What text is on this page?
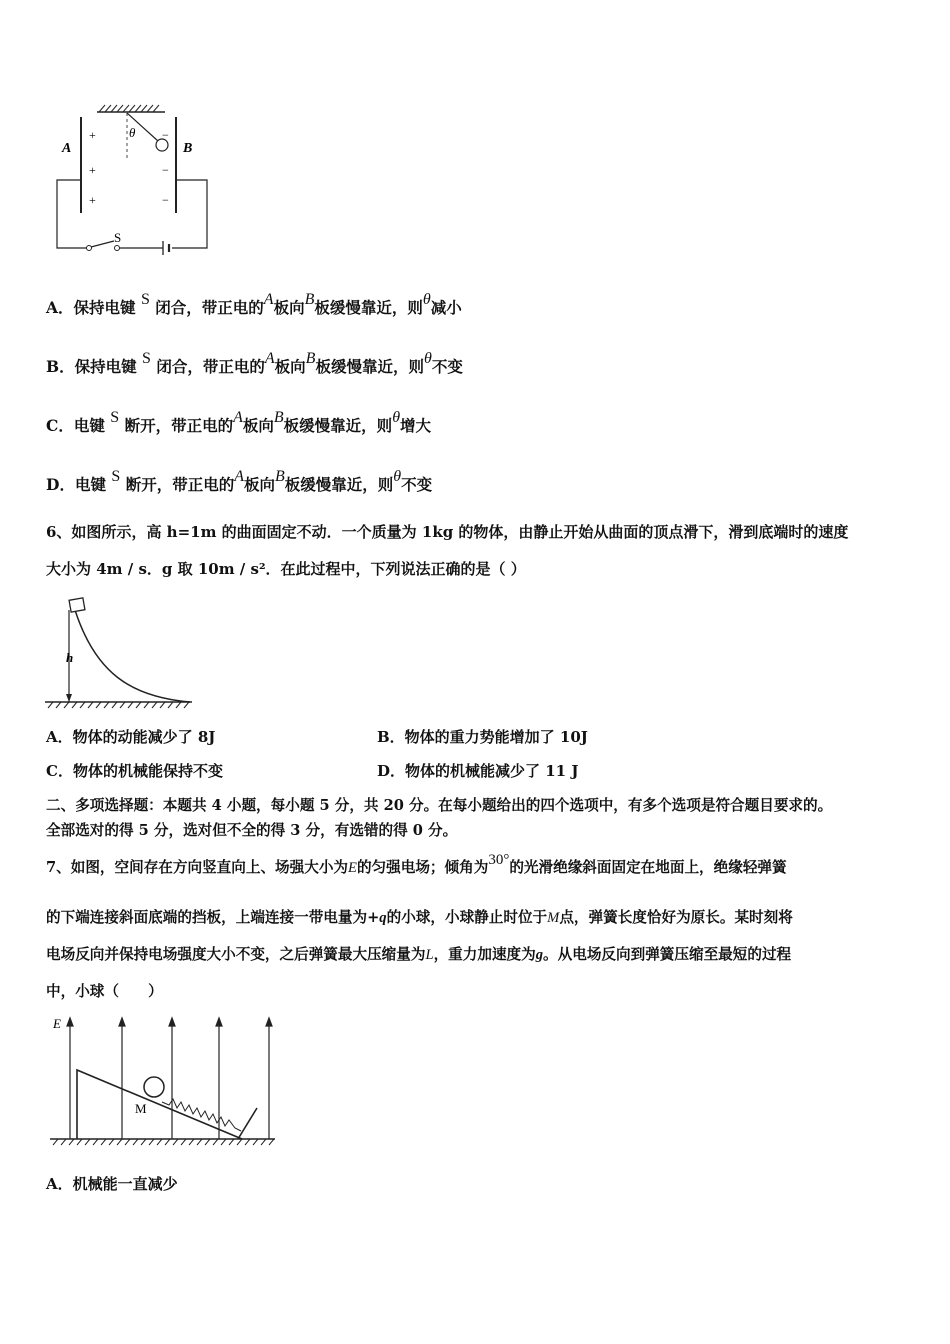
θ
A	B
+
+
+
−
−
−
S
A．保持电键 S 闭合，带正电的A板向B板缓慢靠近，则θ减小
B．保持电键 S 闭合，带正电的A板向B板缓慢靠近，则θ不变
C．电键 S 断开，带正电的A板向B板缓慢靠近，则θ增大
D．电键 S 断开，带正电的A板向B板缓慢靠近，则θ不变
6、如图所示，高 h=1m 的曲面固定不动．一个质量为 1kg 的物体，由静止开始从曲面的顶点滑下，滑到底端时的速度
大小为 4m / s．g 取 10m / s²．在此过程中，下列说法正确的是（ ）
h
A．物体的动能减少了 8J	B．物体的重力势能增加了 10J
C．物体的机械能保持不变	D．物体的机械能减少了 11 J
二、多项选择题：本题共 4 小题，每小题 5 分，共 20 分。在每小题给出的四个选项中，有多个选项是符合题目要求的。
全部选对的得 5 分，选对但不全的得 3 分，有选错的得 0 分。
7、如图，空间存在方向竖直向上、场强大小为E的匀强电场；倾角为30°的光滑绝缘斜面固定在地面上，绝缘轻弹簧
的下端连接斜面底端的挡板，上端连接一带电量为+q的小球，小球静止时位于M点，弹簧长度恰好为原长。某时刻将
电场反向并保持电场强度大小不变，之后弹簧最大压缩量为L，重力加速度为g。从电场反向到弹簧压缩至最短的过程
中，小球（　　）
E
M
A．机械能一直减少
